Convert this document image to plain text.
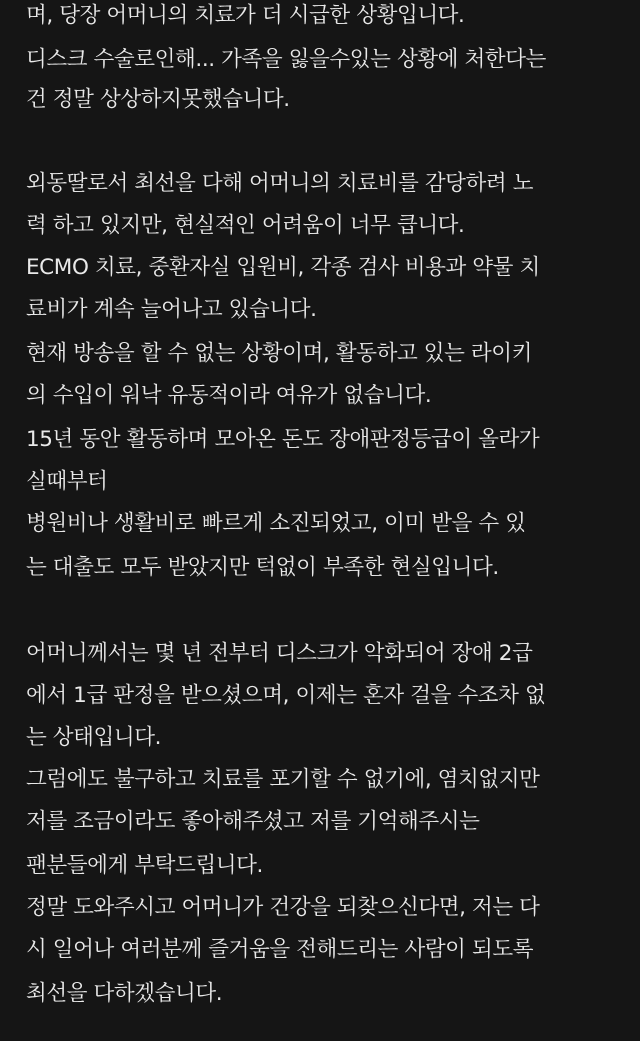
며, 당장 어머니의 치료가 더 시급한 상황입니다.
디스크 수술로인해... 가족을 잃을수있는 상황에 처한다는
건 정말 상상하지못했습니다.
외동딸로서 최선을 다해 어머니의 치료비를 감당하려 노
력 하고 있지만, 현실적인 어려움이 너무 큽니다.
ECMO 치료, 중환자실 입원비, 각종 검사 비용과 약물 치
료비가 계속 늘어나고 있습니다.
현재 방송을 할 수 없는 상황이며, 활동하고 있는 라이키
의 수입이 워낙 유동적이라 여유가 없습니다.
15년 동안 활동하며 모아온 돈도 장애판정등급이 올라가
실때부터
병원비나 생활비로 빠르게 소진되었고, 이미 받을 수 있
는 대출도 모두 받았지만 턱없이 부족한 현실입니다.
어머니께서는 몇 년 전부터 디스크가 악화되어 장애 2급
에서 1급 판정을 받으셨으며, 이제는 혼자 걸을 수조차 없
는 상태입니다.
그럼에도 불구하고 치료를 포기할 수 없기에, 염치없지만
저를 조금이라도 좋아해주셨고 저를 기억해주시는
팬분들에게 부탁드립니다.
정말 도와주시고 어머니가 건강을 되찾으신다면, 저는 다
시 일어나 여러분께 즐거움을 전해드리는 사람이 되도록
최선을 다하겠습니다.
